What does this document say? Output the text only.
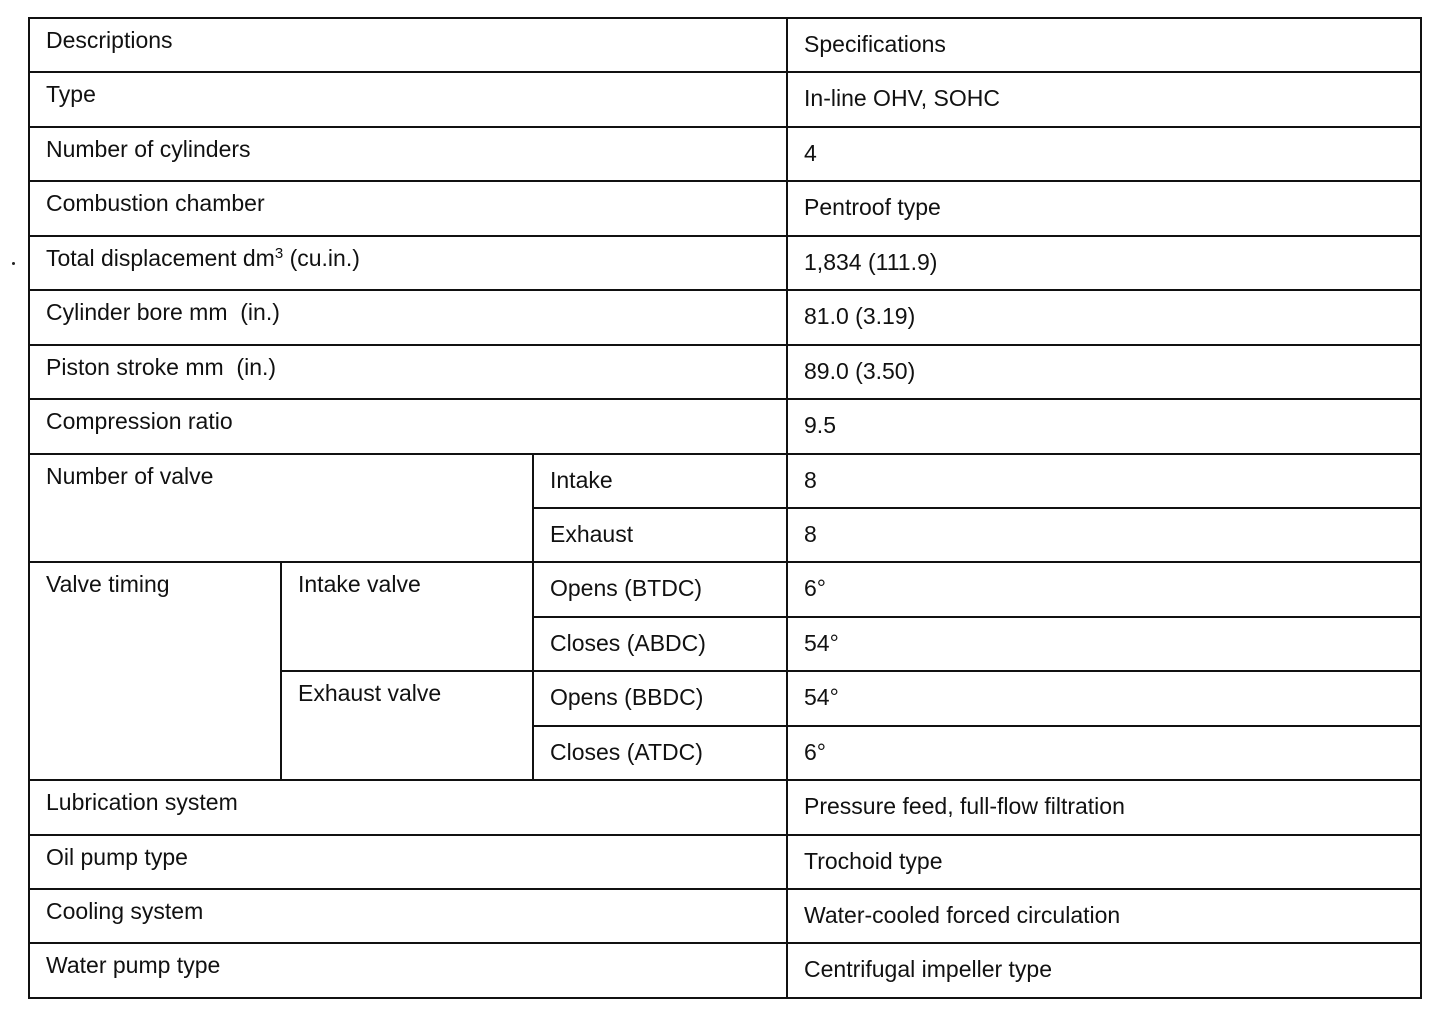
Descriptions			Specifications
Type			In-line OHV, SOHC
Number of cylinders			4
Combustion chamber			Pentroof type
Total displacement $dm^3$ (cu.in.)			1,834 (111.9)
Cylinder bore mm  (in.)			81.0 (3.19)
Piston stroke mm  (in.)			89.0 (3.50)
Compression ratio			9.5
Number of valve		Intake	8
		Exhaust	8
Valve timing	Intake valve	Opens (BTDC)	6°
		Closes (ABDC)	54°
	Exhaust valve	Opens (BBDC)	54°
		Closes (ATDC)	6°
Lubrication system			Pressure feed, full-flow filtration
Oil pump type			Trochoid type
Cooling system			Water-cooled forced circulation
Water pump type			Centrifugal impeller type
